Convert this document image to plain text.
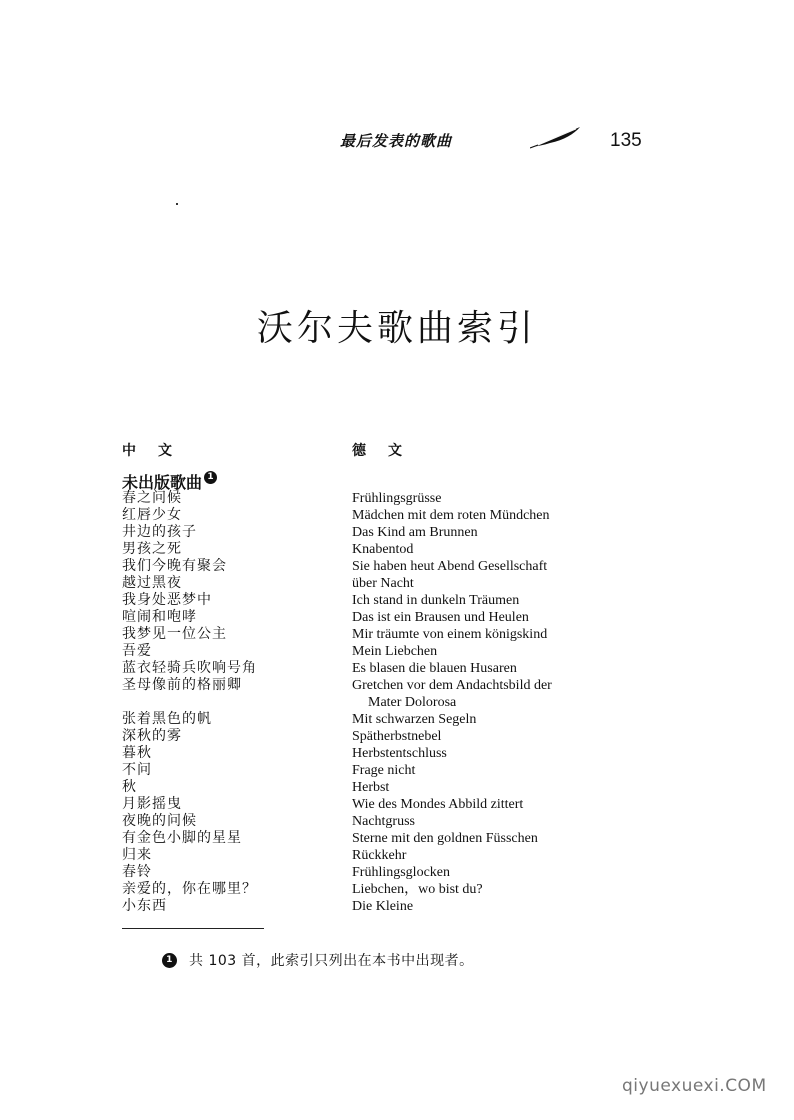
最后发表的歌曲	135
沃尔夫歌曲索引
中文	德文
未出版歌曲 1
春之问候	Frühlingsgrüsse
红唇少女	Mädchen mit dem roten Mündchen
井边的孩子	Das Kind am Brunnen
男孩之死	Knabentod
我们今晚有聚会	Sie haben heut Abend Gesellschaft
越过黑夜	über Nacht
我身处恶梦中	Ich stand in dunkeln Träumen
喧闹和咆哮	Das ist ein Brausen und Heulen
我梦见一位公主	Mir träumte von einem königskind
吾爱	Mein Liebchen
蓝衣轻骑兵吹响号角	Es blasen die blauen Husaren
圣母像前的格丽卿	Gretchen vor dem Andachtsbild der
Mater Dolorosa
张着黑色的帆	Mit schwarzen Segeln
深秋的雾	Spätherbstnebel
暮秋	Herbstentschluss
不问	Frage nicht
秋	Herbst
月影摇曳	Wie des Mondes Abbild zittert
夜晚的问候	Nachtgruss
有金色小脚的星星	Sterne mit den goldnen Füsschen
归来	Rückkehr
春铃	Frühlingsglocken
亲爱的，你在哪里？	Liebchen，wo bist du?
小东西	Die Kleine
1 共 103 首，此索引只列出在本书中出现者。
qiyuexuexi.COM
